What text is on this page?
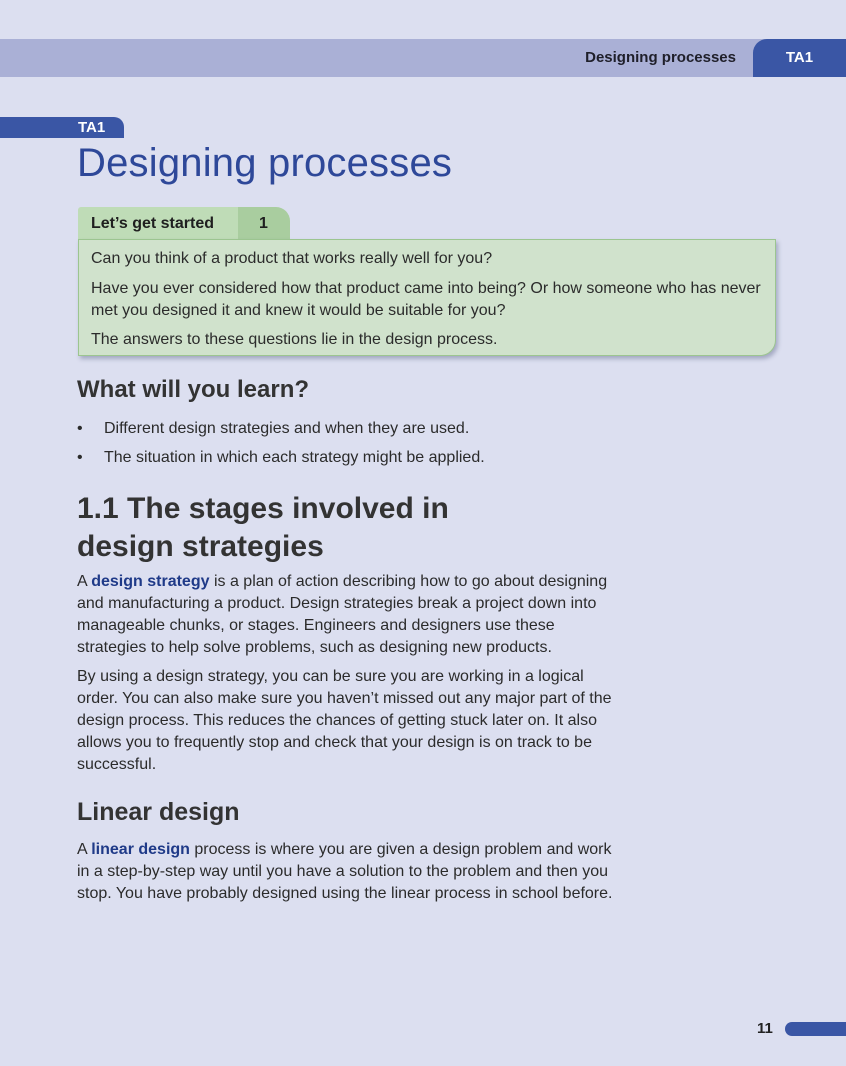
Designing processes	TA1
TA1
Designing processes
Let’s get started	1

Can you think of a product that works really well for you?

Have you ever considered how that product came into being? Or how someone who has never met you designed it and knew it would be suitable for you?

The answers to these questions lie in the design process.

What will you learn?
• Different design strategies and when they are used.
• The situation in which each strategy might be applied.
1.1 The stages involved in design strategies

A design strategy is a plan of action describing how to go about designing and manufacturing a product. Design strategies break a project down into manageable chunks, or stages. Engineers and designers use these strategies to help solve problems, such as designing new products.

By using a design strategy, you can be sure you are working in a logical order. You can also make sure you haven’t missed out any major part of the design process. This reduces the chances of getting stuck later on. It also allows you to frequently stop and check that your design is on track to be successful.

Linear design

A linear design process is where you are given a design problem and work in a step-by-step way until you have a solution to the problem and then you stop. You have probably designed using the linear process in school before.

11
